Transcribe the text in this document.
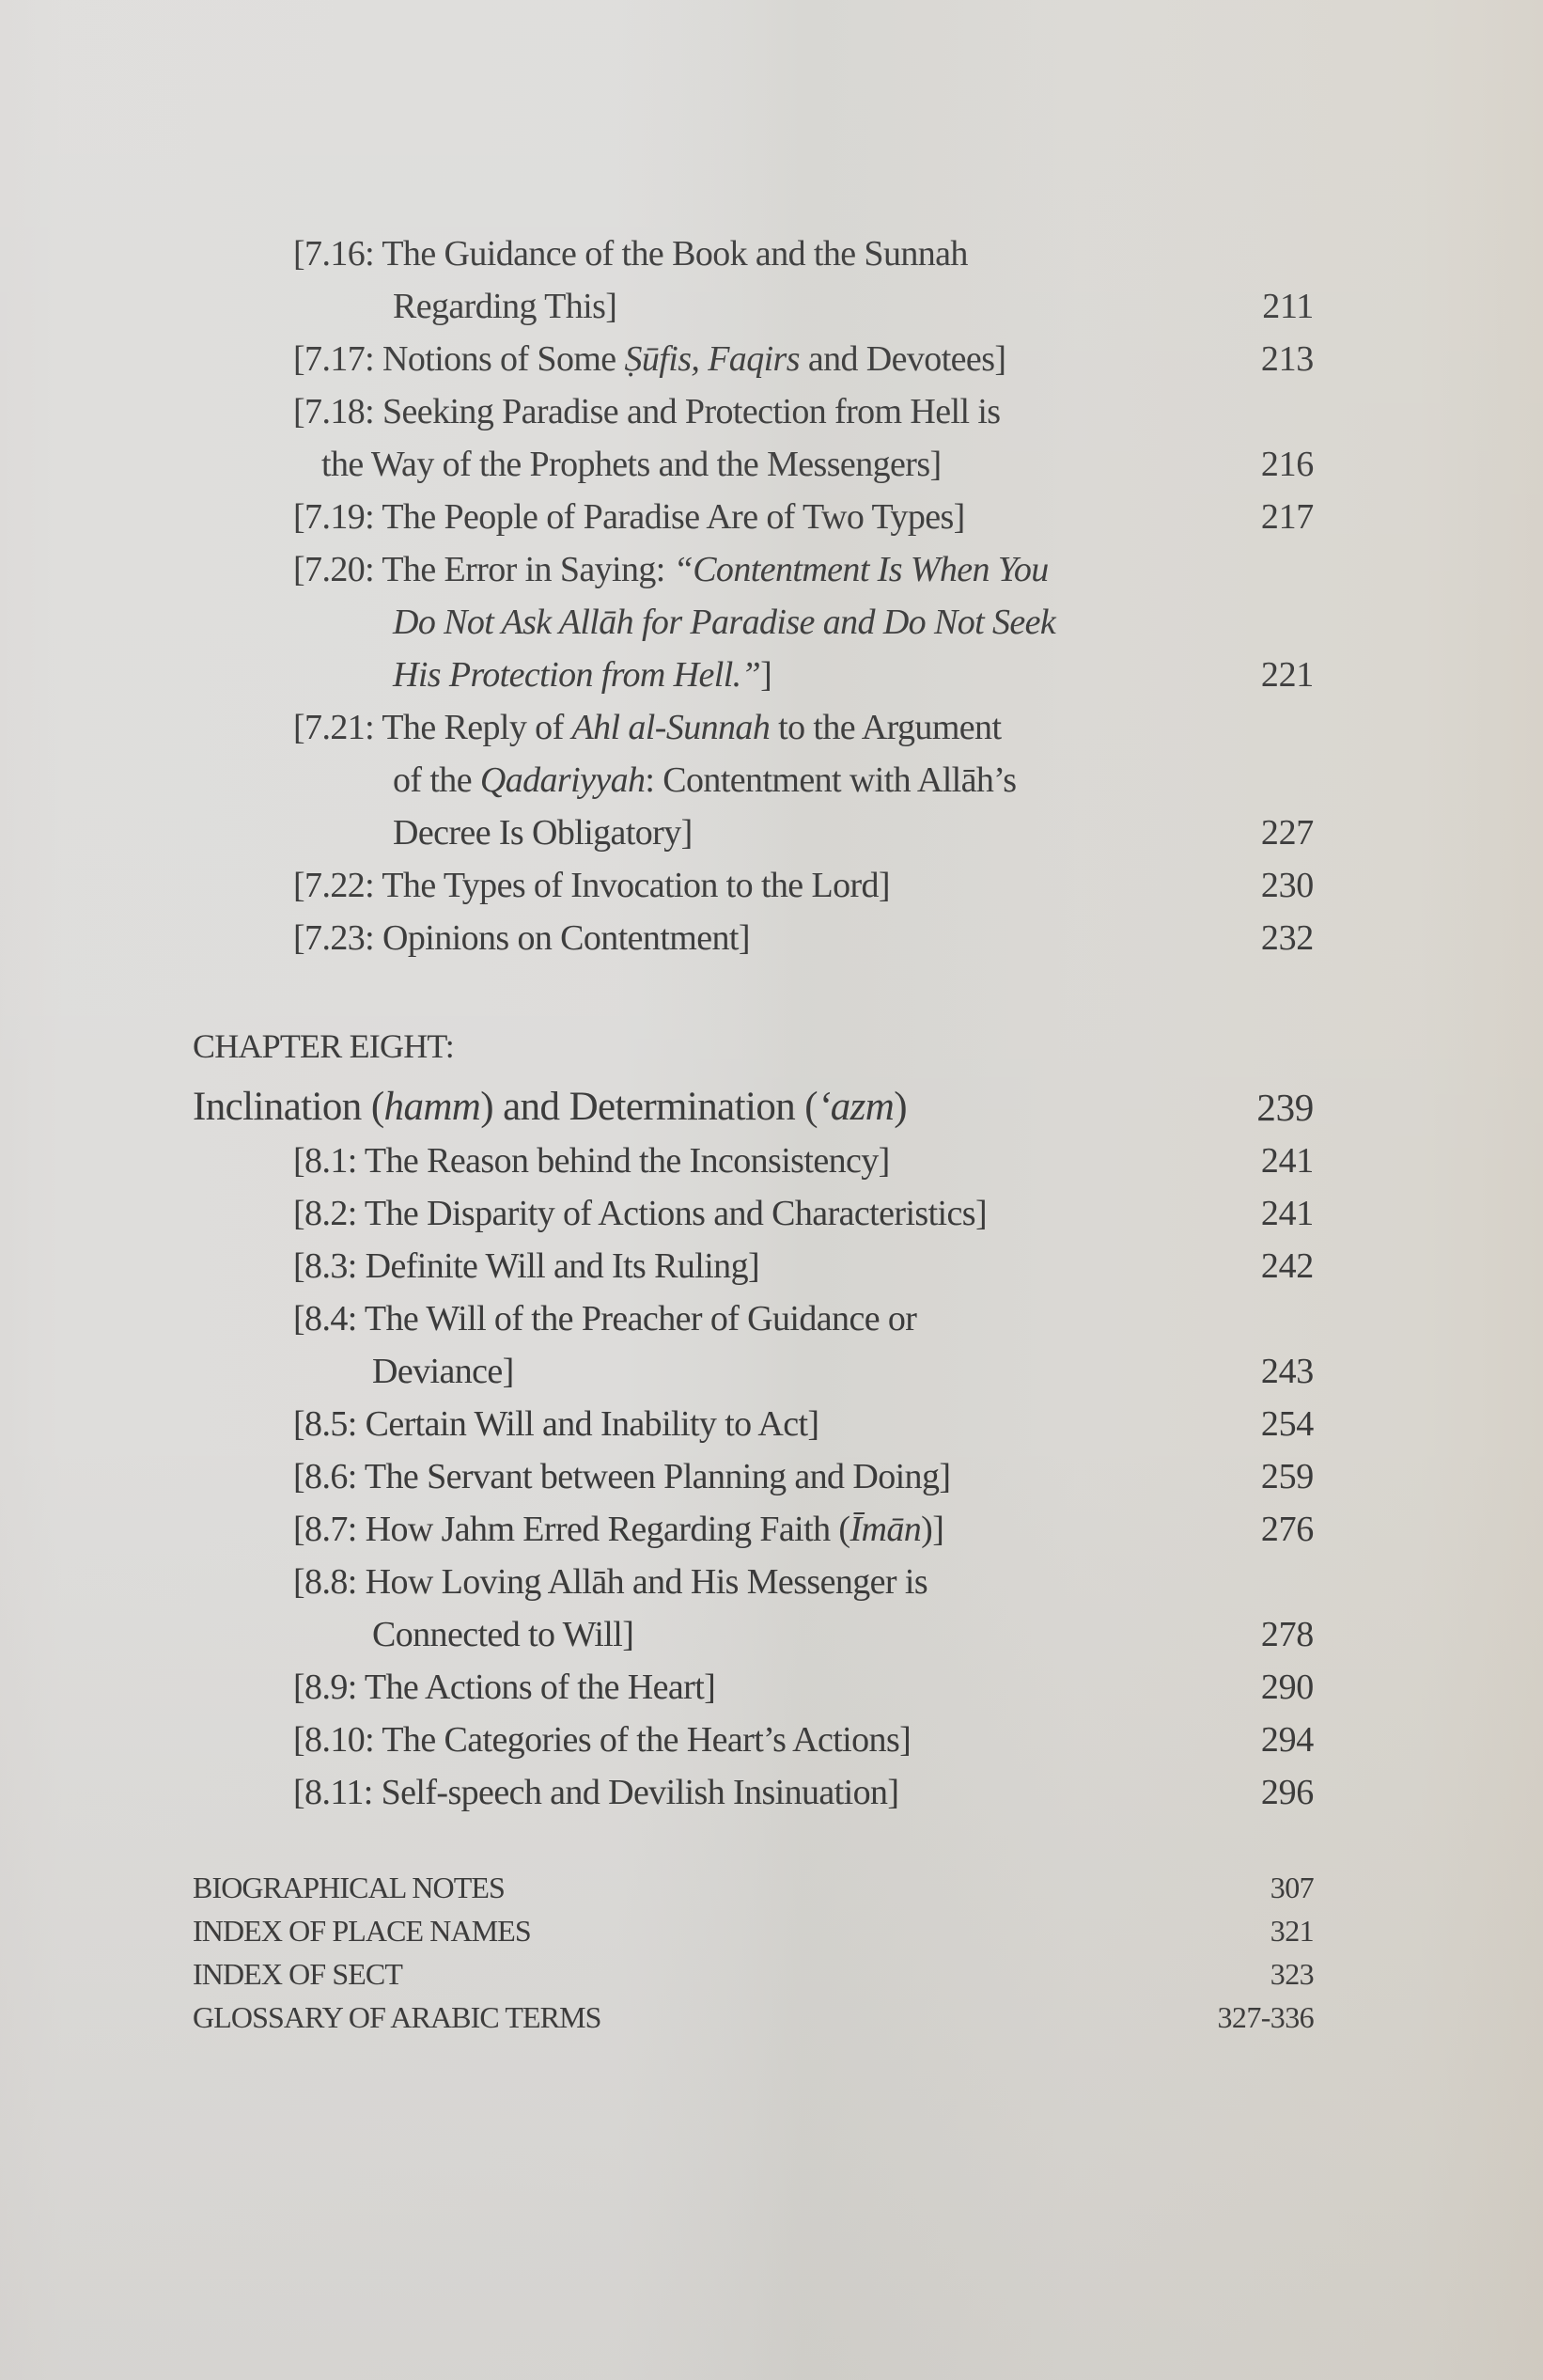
[7.16: The Guidance of the Book and the Sunnah
Regarding This]	211
[7.17: Notions of Some Ṣūfis, Faqirs and Devotees]	213
[7.18: Seeking Paradise and Protection from Hell is
the Way of the Prophets and the Messengers]	216
[7.19: The People of Paradise Are of Two Types]	217
[7.20: The Error in Saying: “Contentment Is When You
Do Not Ask Allāh for Paradise and Do Not Seek
His Protection from Hell.”]	221
[7.21: The Reply of Ahl al-Sunnah to the Argument
of the Qadariyyah: Contentment with Allāh’s
Decree Is Obligatory]	227
[7.22: The Types of Invocation to the Lord]	230
[7.23: Opinions on Contentment]	232
CHAPTER EIGHT:
Inclination (hamm) and Determination (‘azm)	239
[8.1: The Reason behind the Inconsistency]	241
[8.2: The Disparity of Actions and Characteristics]	241
[8.3: Definite Will and Its Ruling]	242
[8.4: The Will of the Preacher of Guidance or
Deviance]	243
[8.5: Certain Will and Inability to Act]	254
[8.6: The Servant between Planning and Doing]	259
[8.7: How Jahm Erred Regarding Faith (Īmān)]	276
[8.8: How Loving Allāh and His Messenger is
Connected to Will]	278
[8.9: The Actions of the Heart]	290
[8.10: The Categories of the Heart’s Actions]	294
[8.11: Self-speech and Devilish Insinuation]	296
BIOGRAPHICAL NOTES	307
INDEX OF PLACE NAMES	321
INDEX OF SECT	323
GLOSSARY OF ARABIC TERMS	327-336
